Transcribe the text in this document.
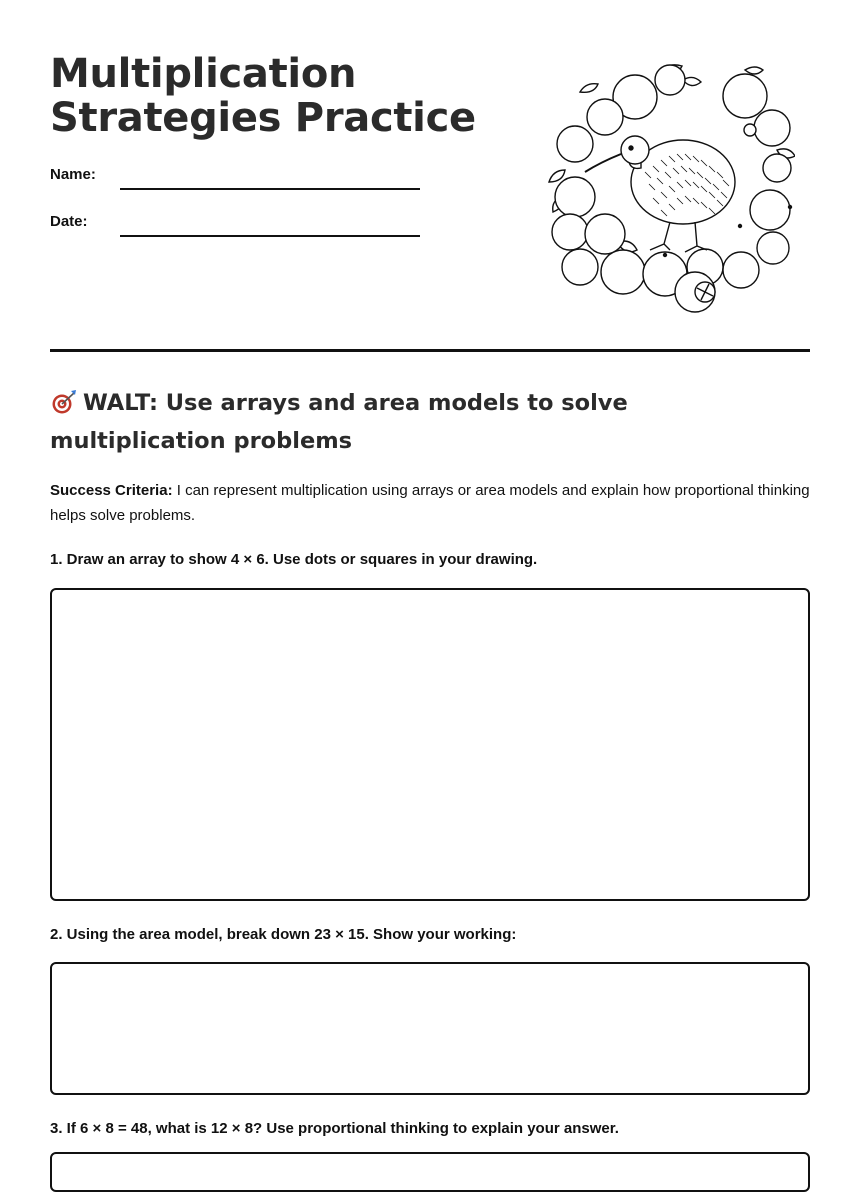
Multiplication
Strategies Practice
Name:
Date:
WALT: Use arrays and area models to solve multiplication problems

Success Criteria: I can represent multiplication using arrays or area models and explain how proportional thinking helps solve problems.

1. Draw an array to show 4 × 6. Use dots or squares in your drawing.

2. Using the area model, break down 23 × 15. Show your working:

3. If 6 × 8 = 48, what is 12 × 8? Use proportional thinking to explain your answer.
